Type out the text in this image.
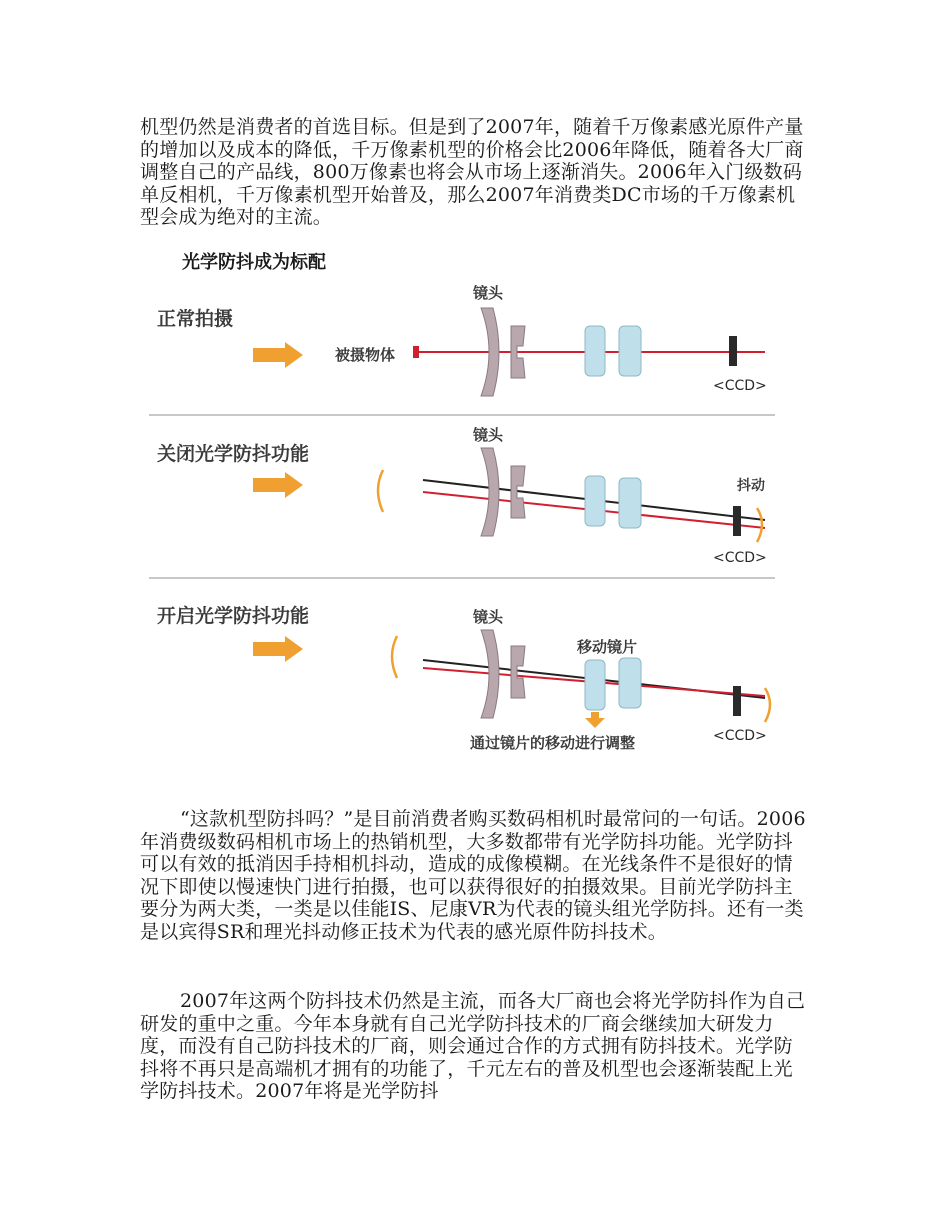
机型仍然是消费者的首选目标。但是到了2007年，随着千万像素感光原件产量的增加以及成本的降低，千万像素机型的价格会比2006年降低，随着各大厂商调整自己的产品线，800万像素也将会从市场上逐渐消失。2006年入门级数码单反相机，千万像素机型开始普及，那么2007年消费类DC市场的千万像素机型会成为绝对的主流。

光学防抖成为标配

正常拍摄
镜头
被摄物体
<CCD>
关闭光学防抖功能
镜头
抖动
<CCD>
开启光学防抖功能	镜头
移动镜片
通过镜片的移动进行调整	<CCD>

“这款机型防抖吗？”是目前消费者购买数码相机时最常问的一句话。2006年消费级数码相机市场上的热销机型，大多数都带有光学防抖功能。光学防抖可以有效的抵消因手持相机抖动，造成的成像模糊。在光线条件不是很好的情况下即使以慢速快门进行拍摄，也可以获得很好的拍摄效果。目前光学防抖主要分为两大类，一类是以佳能IS、尼康VR为代表的镜头组光学防抖。还有一类是以宾得SR和理光抖动修正技术为代表的感光原件防抖技术。

2007年这两个防抖技术仍然是主流，而各大厂商也会将光学防抖作为自己研发的重中之重。今年本身就有自己光学防抖技术的厂商会继续加大研发力度，而没有自己防抖技术的厂商，则会通过合作的方式拥有防抖技术。光学防抖将不再只是高端机才拥有的功能了，千元左右的普及机型也会逐渐装配上光学防抖技术。2007年将是光学防抖
